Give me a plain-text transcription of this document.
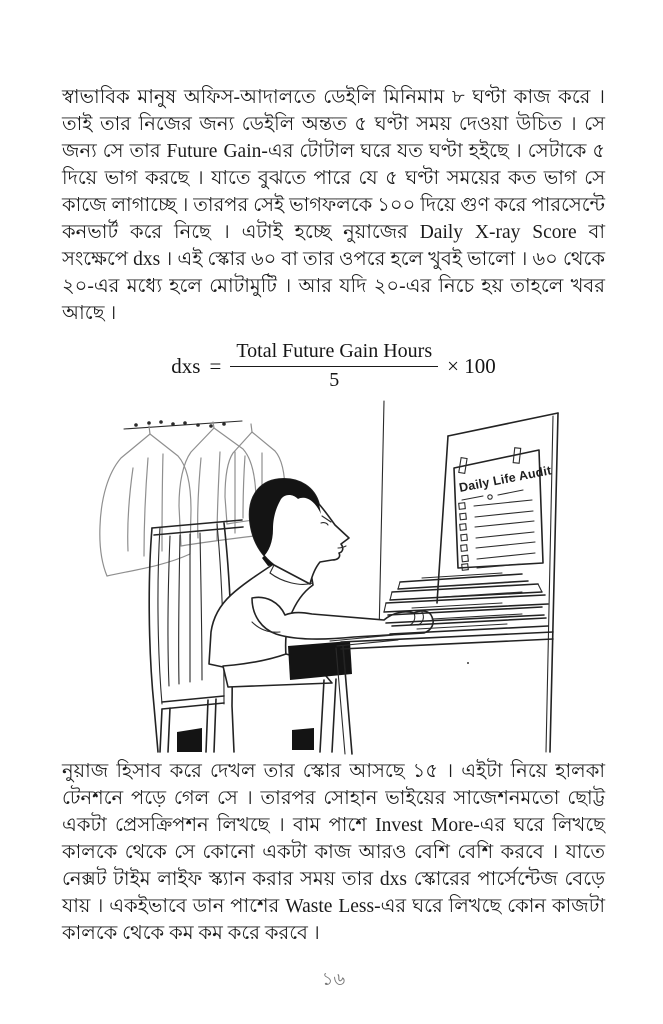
স্বাভাবিক মানুষ অফিস-আদালতে ডেইলি মিনিমাম ৮ ঘণ্টা কাজ করে । তাই তার নিজের জন্য ডেইলি অন্তত ৫ ঘণ্টা সময় দেওয়া উচিত । সে জন্য সে তার Future Gain-এর টোটাল ঘরে যত ঘণ্টা হইছে । সেটাকে ৫ দিয়ে ভাগ করছে । যাতে বুঝতে পারে যে ৫ ঘণ্টা সময়ের কত ভাগ সে কাজে লাগাচ্ছে । তারপর সেই ভাগফলকে ১০০ দিয়ে গুণ করে পারসেন্টে কনভার্ট করে নিছে । এটাই হচ্ছে নুয়াজের Daily X-ray Score বা সংক্ষেপে dxs । এই স্কোর ৬০ বা তার ওপরে হলে খুবই ভালো । ৬০ থেকে ২০-এর মধ্যে হলে মোটামুটি । আর যদি ২০-এর নিচে হয় তাহলে খবর আছে ।

dxs = $\frac{\text{Total Future Gain Hours}}{5} \times 100$
Daily Life Audit

নুয়াজ হিসাব করে দেখল তার স্কোর আসছে ১৫ । এইটা নিয়ে হালকা টেনশনে পড়ে গেল সে । তারপর সোহান ভাইয়ের সাজেশনমতো ছোট্ট একটা প্রেসক্রিপশন লিখছে । বাম পাশে Invest More-এর ঘরে লিখছে কালকে থেকে সে কোনো একটা কাজ আরও বেশি বেশি করবে । যাতে নেক্সট টাইম লাইফ স্ক্যান করার সময় তার dxs স্কোরের পার্সেন্টেজ বেড়ে যায় । একইভাবে ডান পাশের Waste Less-এর ঘরে লিখছে কোন কাজটা কালকে থেকে কম কম করে করবে ।

১৬
